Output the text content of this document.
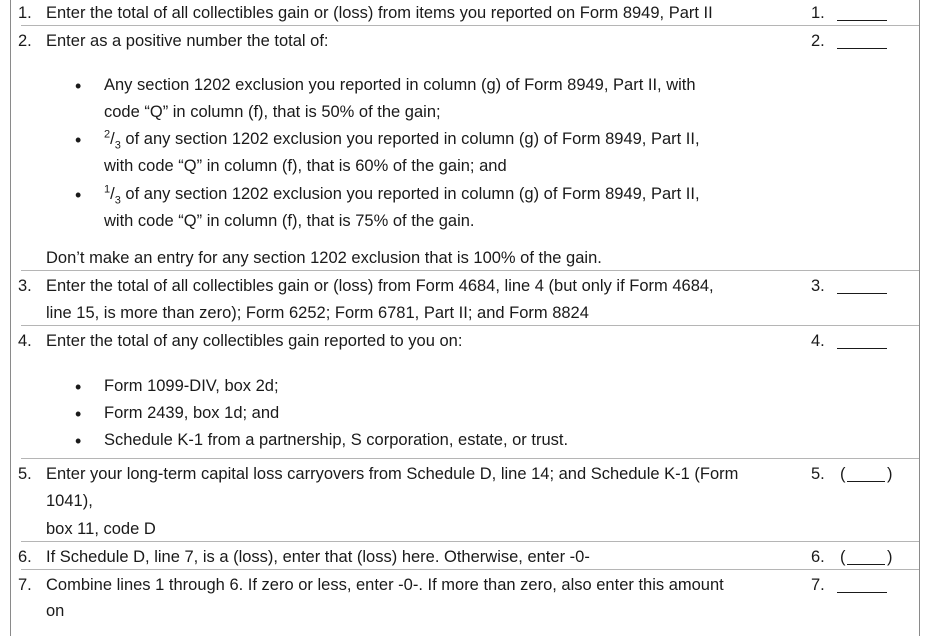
1. Enter the total of all collectibles gain or (loss) from items you reported on Form 8949, Part II	1.
2. Enter as a positive number the total of:	2.
• Any section 1202 exclusion you reported in column (g) of Form 8949, Part II, with
code “Q” in column (f), that is 50% of the gain;
• $^2/_3$ of any section 1202 exclusion you reported in column (g) of Form 8949, Part II,
with code “Q” in column (f), that is 60% of the gain; and
• $^1/_3$ of any section 1202 exclusion you reported in column (g) of Form 8949, Part II,
with code “Q” in column (f), that is 75% of the gain.
Don’t make an entry for any section 1202 exclusion that is 100% of the gain.
3. Enter the total of all collectibles gain or (loss) from Form 4684, line 4 (but only if Form 4684,	3.
line 15, is more than zero); Form 6252; Form 6781, Part II; and Form 8824
4. Enter the total of any collectibles gain reported to you on:	4.
• Form 1099-DIV, box 2d;
• Form 2439, box 1d; and
• Schedule K-1 from a partnership, S corporation, estate, or trust.
5. Enter your long-term capital loss carryovers from Schedule D, line 14; and Schedule K-1 (Form	5. (	)
1041),
box 11, code D
6. If Schedule D, line 7, is a (loss), enter that (loss) here. Otherwise, enter -0-	6. (	)
7. Combine lines 1 through 6. If zero or less, enter -0-. If more than zero, also enter this amount	7.
on
